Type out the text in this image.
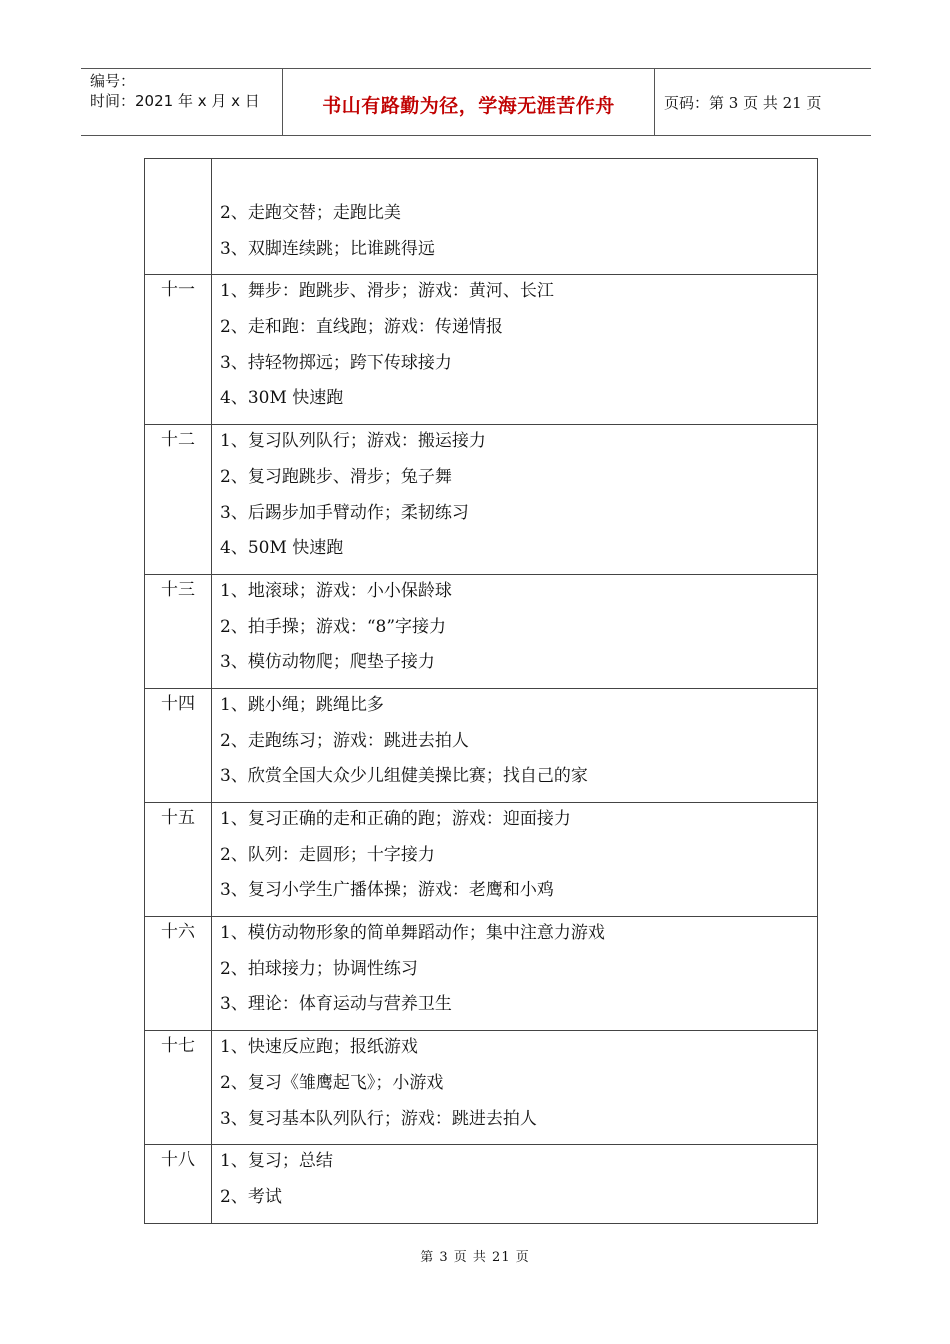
编号：
时间：2021 年 x 月 x 日	书山有路勤为径，学海无涯苦作舟	页码：第 3 页 共 21 页

	2、走跑交替；走跑比美
3、双脚连续跳；比谁跳得远

十一	1、舞步：跑跳步、滑步；游戏：黄河、长江
2、走和跑：直线跑；游戏：传递情报
3、持轻物掷远；跨下传球接力
4、30M 快速跑

十二	1、复习队列队行；游戏：搬运接力
2、复习跑跳步、滑步；兔子舞
3、后踢步加手臂动作；柔韧练习
4、50M 快速跑

十三	1、地滚球；游戏：小小保龄球
2、拍手操；游戏：“8”字接力
3、模仿动物爬；爬垫子接力

十四	1、跳小绳；跳绳比多
2、走跑练习；游戏：跳进去拍人
3、欣赏全国大众少儿组健美操比赛；找自己的家

十五	1、复习正确的走和正确的跑；游戏：迎面接力
2、队列：走圆形；十字接力
3、复习小学生广播体操；游戏：老鹰和小鸡

十六	1、模仿动物形象的简单舞蹈动作；集中注意力游戏
2、拍球接力；协调性练习
3、理论：体育运动与营养卫生

十七	1、快速反应跑；报纸游戏
2、复习《雏鹰起飞》；小游戏
3、复习基本队列队行；游戏：跳进去拍人

十八	1、复习；总结
2、考试
第 3 页 共 21 页
